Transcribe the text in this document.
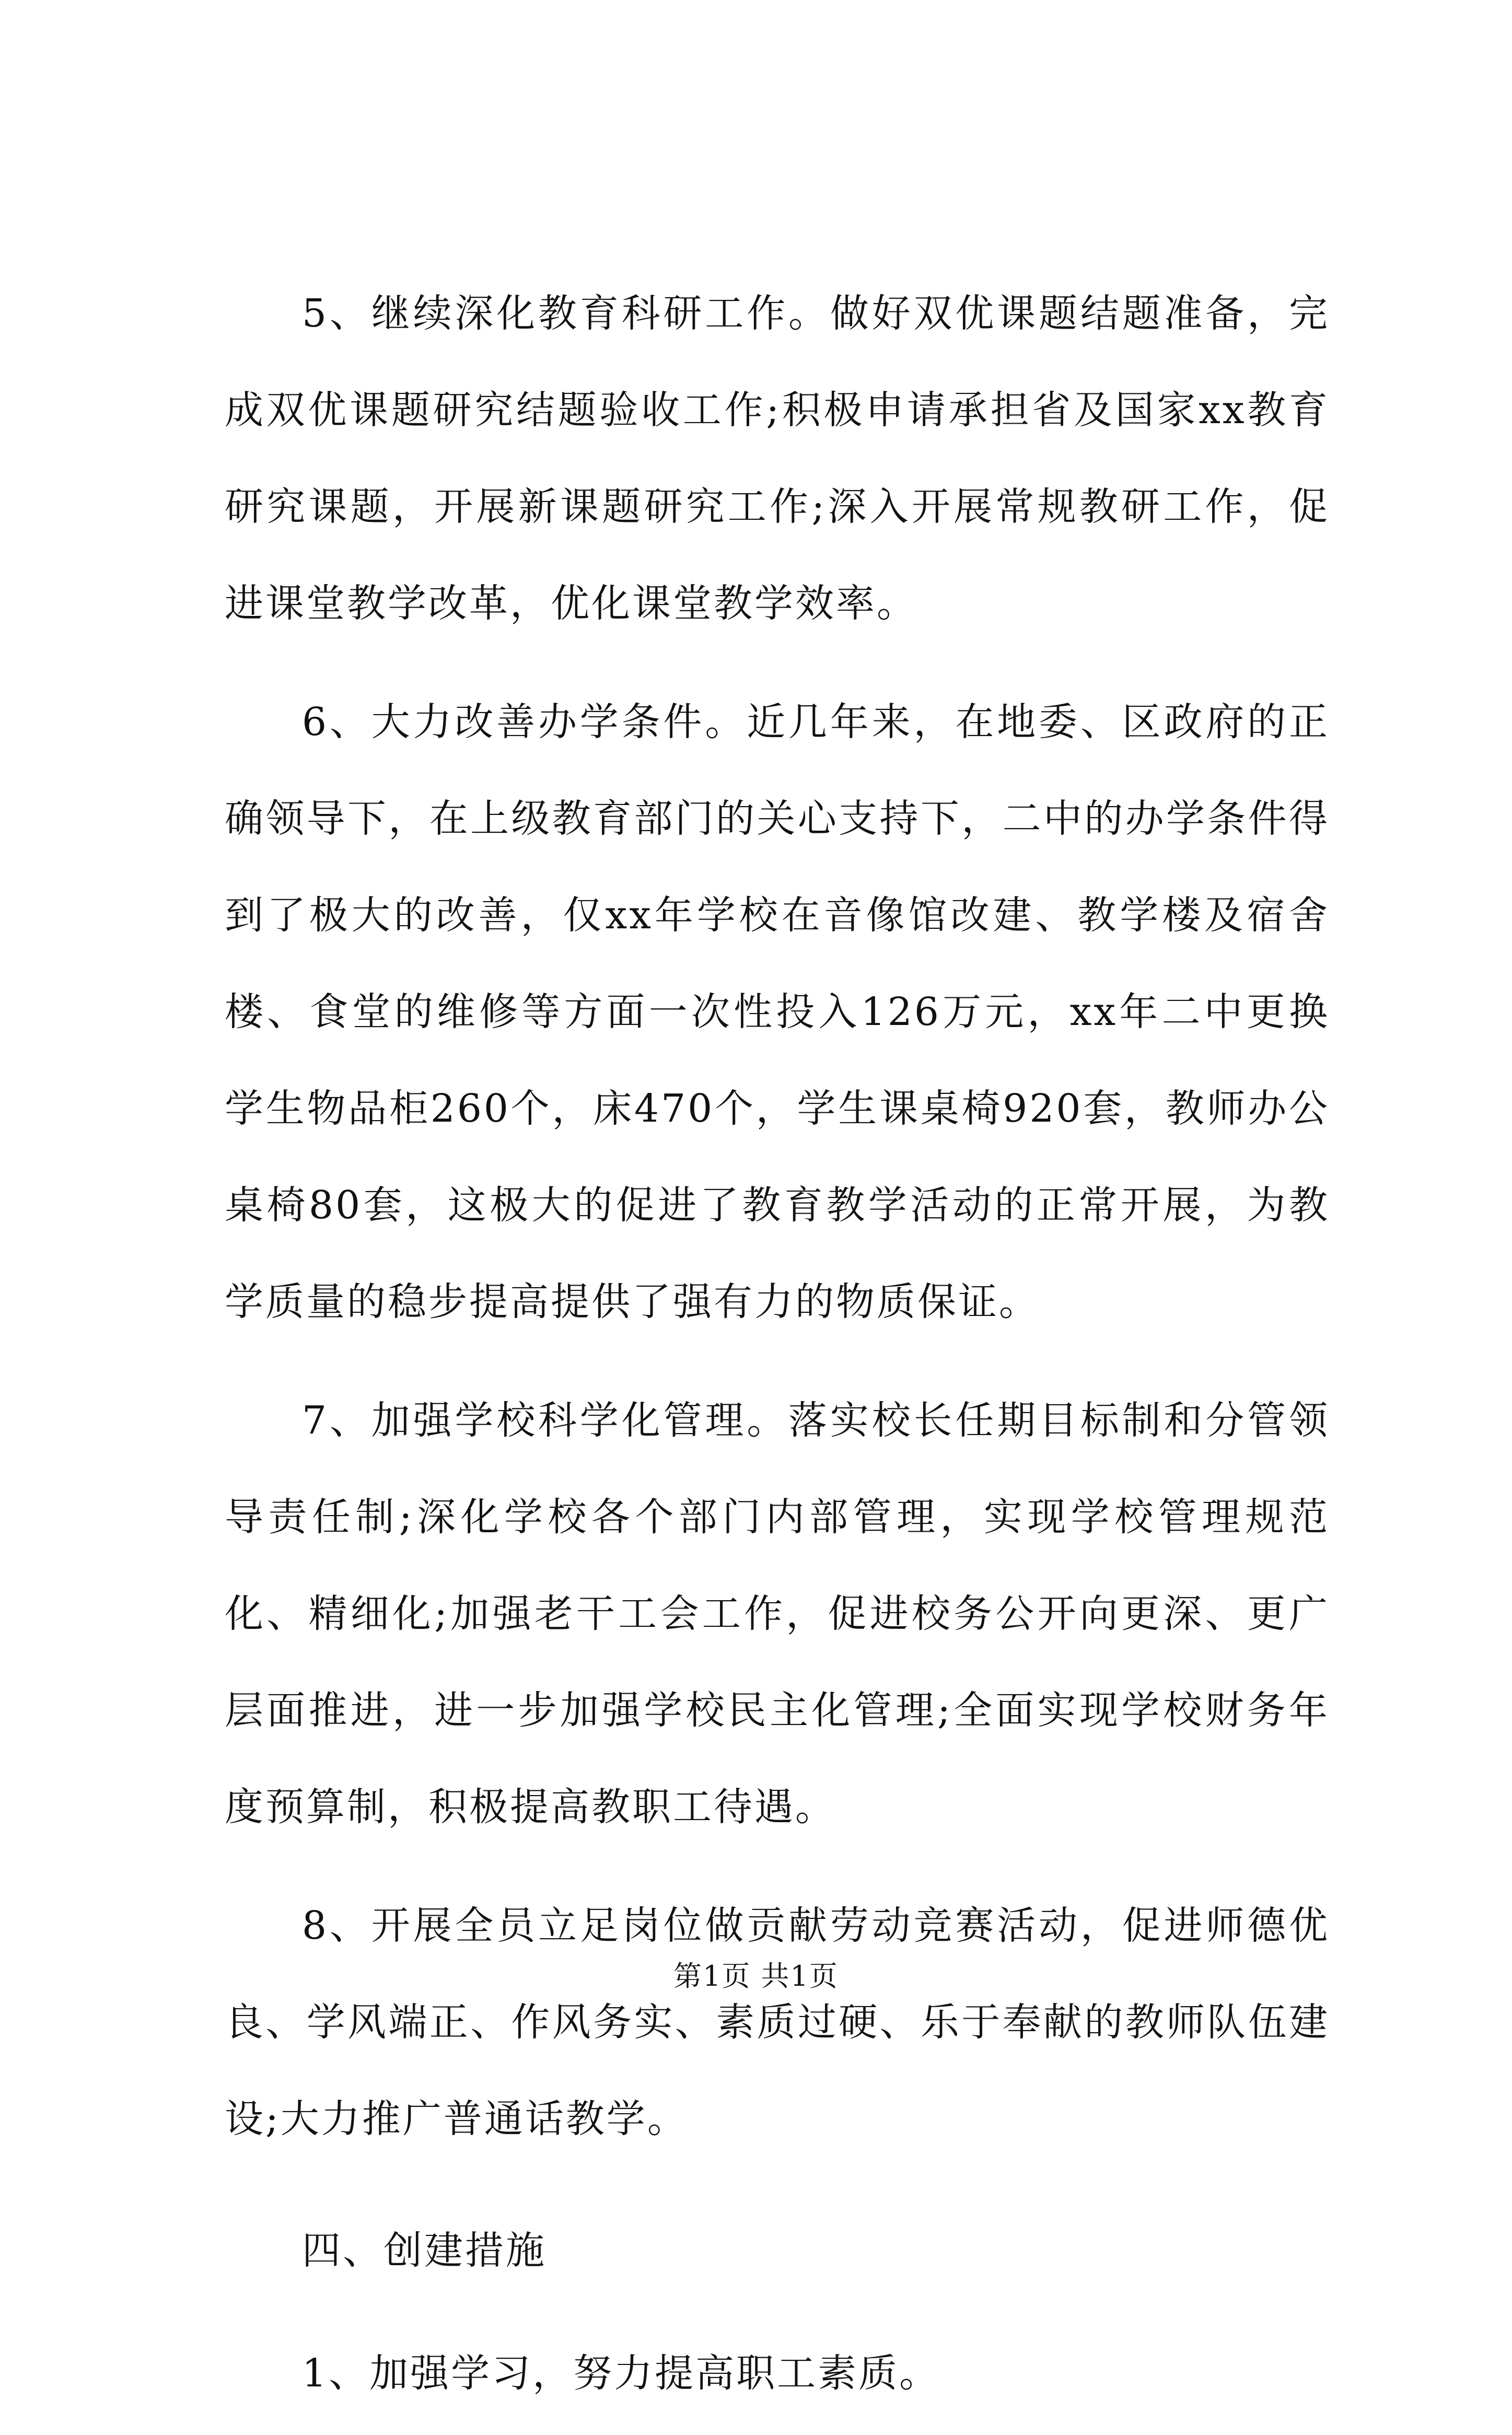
5、继续深化教育科研工作。做好双优课题结题准备，完成双优课题研究结题验收工作;积极申请承担省及国家xx教育研究课题，开展新课题研究工作;深入开展常规教研工作，促进课堂教学改革，优化课堂教学效率。

6、大力改善办学条件。近几年来，在地委、区政府的正确领导下，在上级教育部门的关心支持下，二中的办学条件得到了极大的改善，仅xx年学校在音像馆改建、教学楼及宿舍楼、食堂的维修等方面一次性投入126万元，xx年二中更换学生物品柜260个，床470个，学生课桌椅920套，教师办公桌椅80套，这极大的促进了教育教学活动的正常开展，为教学质量的稳步提高提供了强有力的物质保证。

7、加强学校科学化管理。落实校长任期目标制和分管领导责任制;深化学校各个部门内部管理，实现学校管理规范化、精细化;加强老干工会工作，促进校务公开向更深、更广层面推进，进一步加强学校民主化管理;全面实现学校财务年度预算制，积极提高教职工待遇。

8、开展全员立足岗位做贡献劳动竞赛活动，促进师德优良、学风端正、作风务实、素质过硬、乐于奉献的教师队伍建设;大力推广普通话教学。

四、创建措施

1、加强学习，努力提高职工素质。

第1页 共1页
